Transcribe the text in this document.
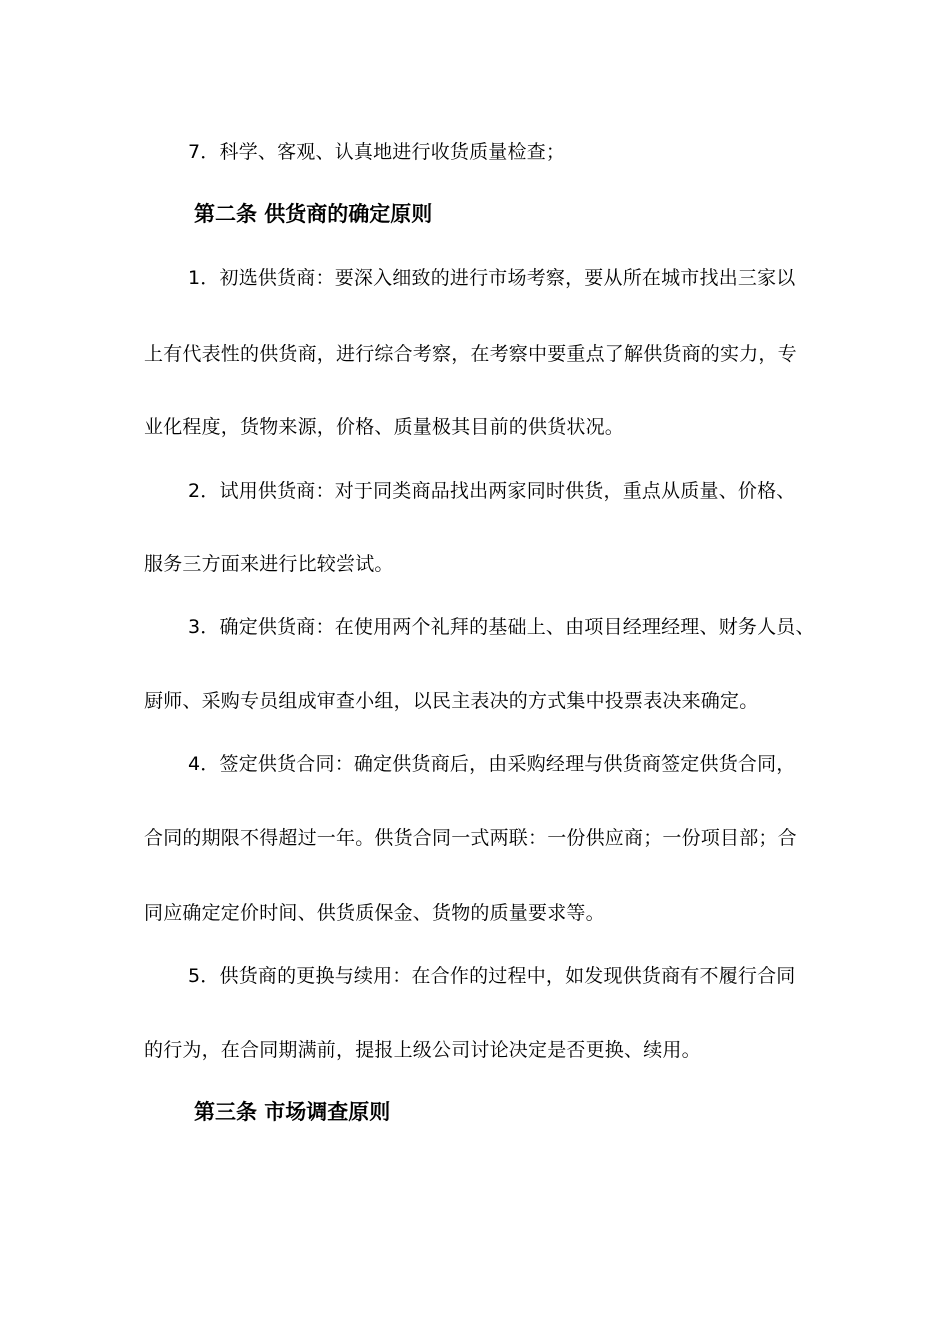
7．科学、客观、认真地进行收货质量检查；
第二条 供货商的确定原则
1．初选供货商：要深入细致的进行市场考察，要从所在城市找出三家以
上有代表性的供货商，进行综合考察，在考察中要重点了解供货商的实力，专
业化程度，货物来源，价格、质量极其目前的供货状况。
2．试用供货商：对于同类商品找出两家同时供货，重点从质量、价格、
服务三方面来进行比较尝试。
3．确定供货商：在使用两个礼拜的基础上、由项目经理经理、财务人员、
厨师、采购专员组成审查小组，以民主表决的方式集中投票表决来确定。
4．签定供货合同：确定供货商后，由采购经理与供货商签定供货合同，
合同的期限不得超过一年。供货合同一式两联：一份供应商；一份项目部；合
同应确定定价时间、供货质保金、货物的质量要求等。
5．供货商的更换与续用：在合作的过程中，如发现供货商有不履行合同
的行为，在合同期满前，提报上级公司讨论决定是否更换、续用。
第三条 市场调查原则
